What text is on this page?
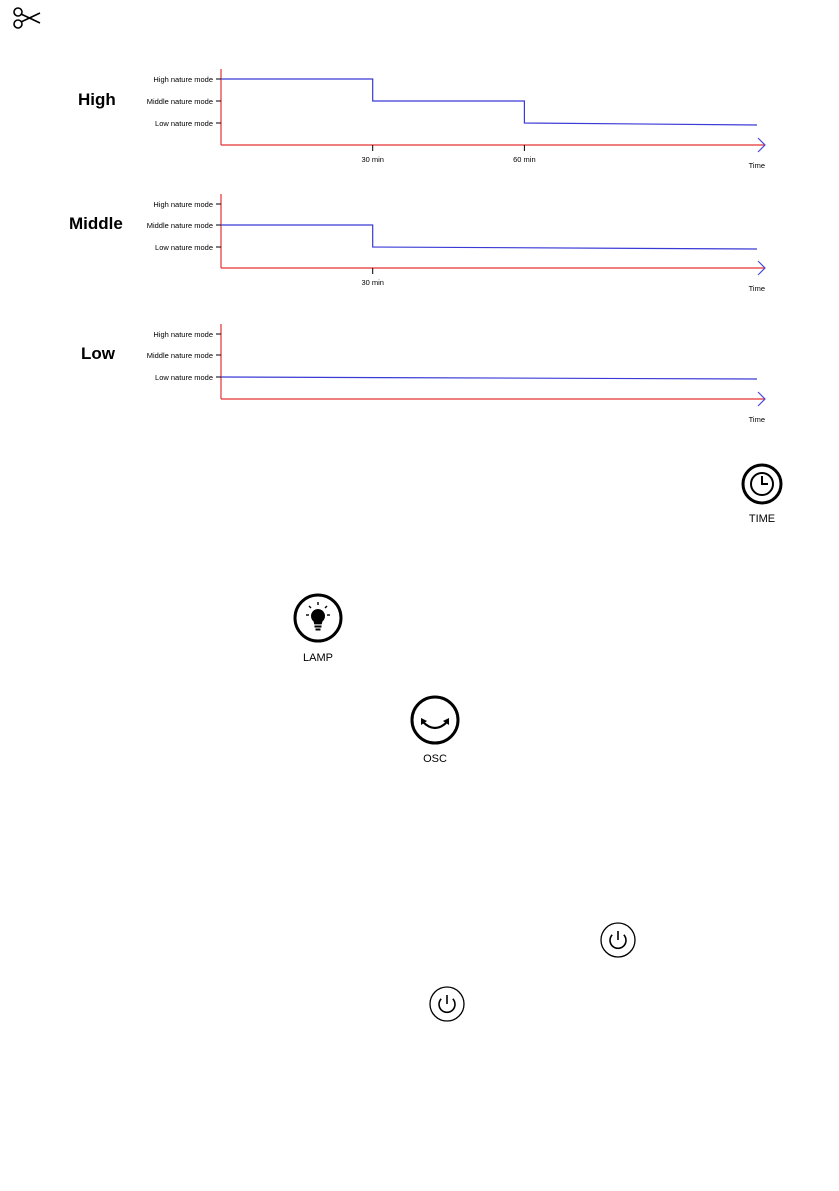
High
Middle
Low
Low nature mode
Middle nature mode
High nature mode
30 min	60 min
Time
Low nature mode
Middle nature mode
High nature mode
30 min
Time
Low nature mode
Middle nature mode
High nature mode
Time
TIME
LAMP
OSC
